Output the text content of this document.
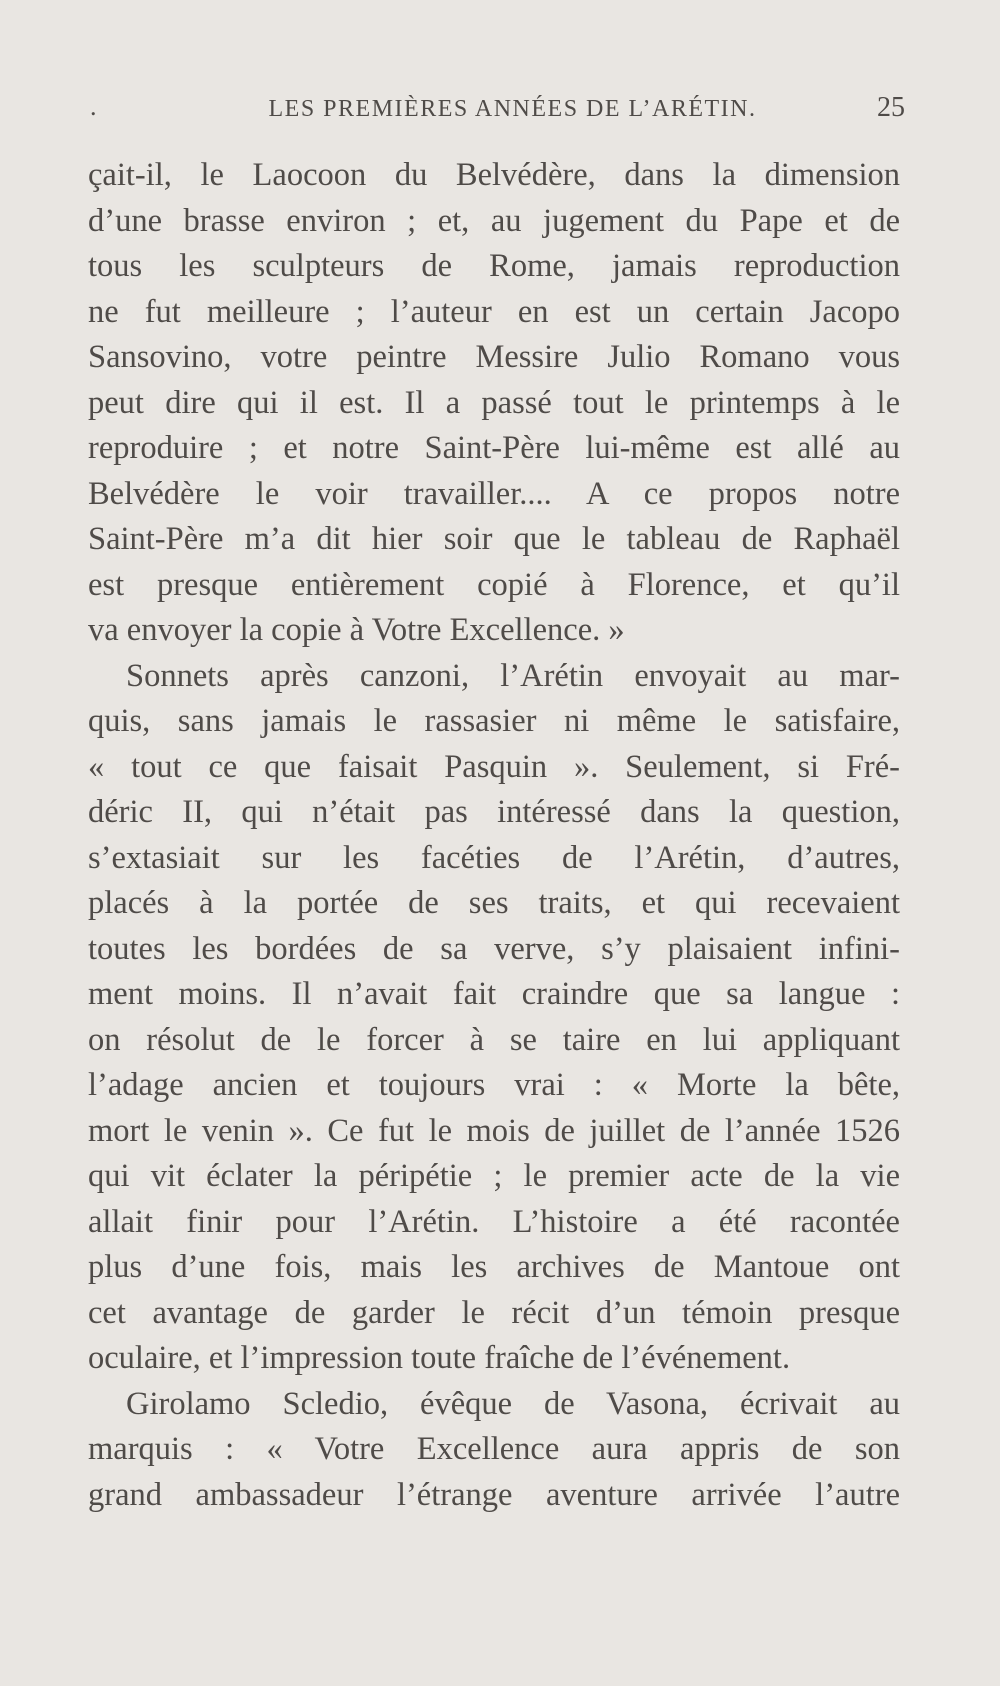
.	LES PREMIÈRES ANNÉES DE L’ARÉTIN.	25
çait-il, le Laocoon du Belvédère, dans la dimension
d’une brasse environ ; et, au jugement du Pape et de
tous les sculpteurs de Rome, jamais reproduction
ne fut meilleure ; l’auteur en est un certain Jacopo
Sansovino, votre peintre Messire Julio Romano vous
peut dire qui il est. Il a passé tout le printemps à le
reproduire ; et notre Saint-Père lui-même est allé au
Belvédère le voir travailler.... A ce propos notre
Saint-Père m’a dit hier soir que le tableau de Raphaël
est presque entièrement copié à Florence, et qu’il
va envoyer la copie à Votre Excellence. »
Sonnets après canzoni, l’Arétin envoyait au mar-
quis, sans jamais le rassasier ni même le satisfaire,
« tout ce que faisait Pasquin ». Seulement, si Fré-
déric II, qui n’était pas intéressé dans la question,
s’extasiait sur les facéties de l’Arétin, d’autres,
placés à la portée de ses traits, et qui recevaient
toutes les bordées de sa verve, s’y plaisaient infini-
ment moins. Il n’avait fait craindre que sa langue :
on résolut de le forcer à se taire en lui appliquant
l’adage ancien et toujours vrai : « Morte la bête,
mort le venin ». Ce fut le mois de juillet de l’année 1526
qui vit éclater la péripétie ; le premier acte de la vie
allait finir pour l’Arétin. L’histoire a été racontée
plus d’une fois, mais les archives de Mantoue ont
cet avantage de garder le récit d’un témoin presque
oculaire, et l’impression toute fraîche de l’événement.
Girolamo Scledio, évêque de Vasona, écrivait au
marquis : « Votre Excellence aura appris de son
grand ambassadeur l’étrange aventure arrivée l’autre
